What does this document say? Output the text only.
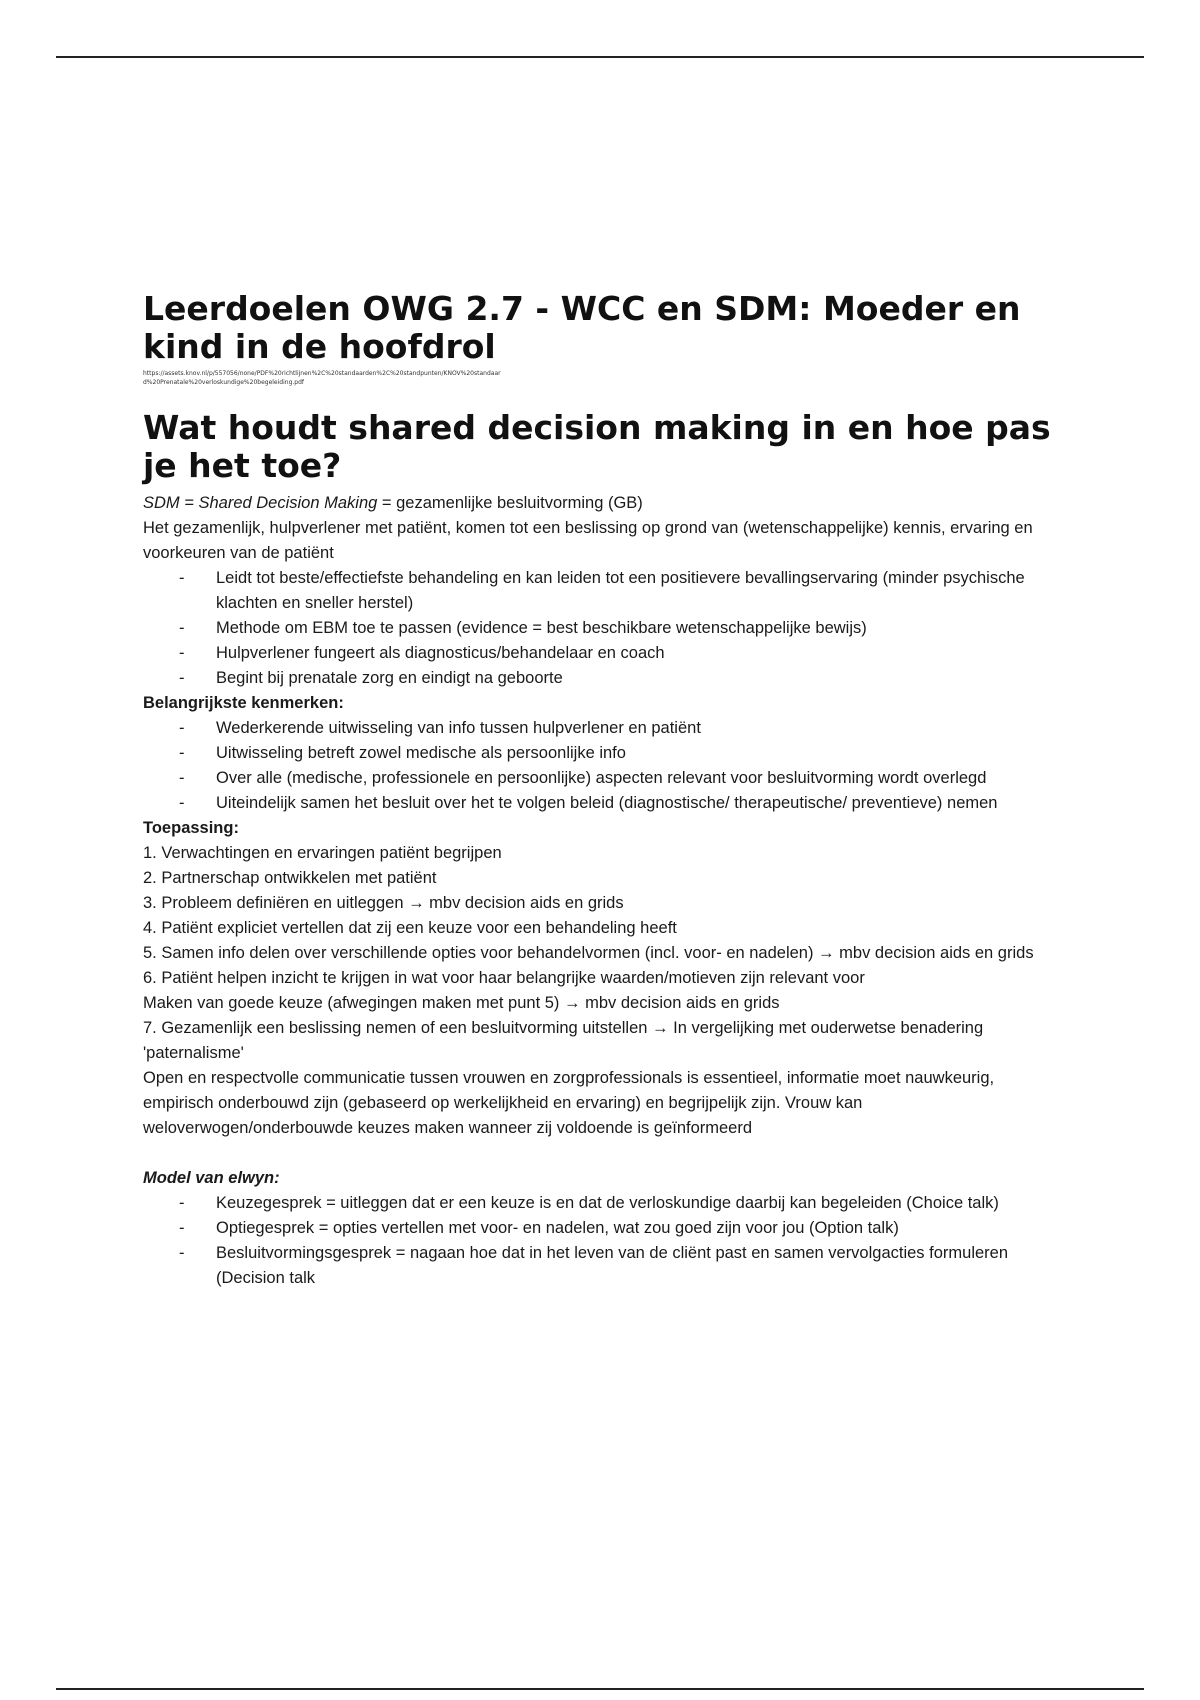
Leerdoelen OWG 2.7 - WCC en SDM: Moeder en kind in de hoofdrol
https://assets.knov.nl/p/557056/none/PDF%20richtlijnen%2C%20standaarden%2C%20standpunten/KNOV%20standaard%20Prenatale%20verloskundige%20begeleiding.pdf
Wat houdt shared decision making in en hoe pas je het toe?

SDM = Shared Decision Making = gezamenlijke besluitvorming (GB)

Het gezamenlijk, hulpverlener met patiënt, komen tot een beslissing op grond van (wetenschappelijke) kennis, ervaring en voorkeuren van de patiënt

- Leidt tot beste/effectiefste behandeling en kan leiden tot een positievere bevallingservaring (minder psychische klachten en sneller herstel)
- Methode om EBM toe te passen (evidence = best beschikbare wetenschappelijke bewijs)
- Hulpverlener fungeert als diagnosticus/behandelaar en coach
- Begint bij prenatale zorg en eindigt na geboorte

Belangrijkste kenmerken:

- Wederkerende uitwisseling van info tussen hulpverlener en patiënt
- Uitwisseling betreft zowel medische als persoonlijke info
- Over alle (medische, professionele en persoonlijke) aspecten relevant voor besluitvorming wordt overlegd
- Uiteindelijk samen het besluit over het te volgen beleid (diagnostische/ therapeutische/ preventieve) nemen

Toepassing:

1. Verwachtingen en ervaringen patiënt begrijpen

2. Partnerschap ontwikkelen met patiënt

3. Probleem definiëren en uitleggen → mbv decision aids en grids

4. Patiënt expliciet vertellen dat zij een keuze voor een behandeling heeft

5. Samen info delen over verschillende opties voor behandelvormen (incl. voor- en nadelen) → mbv decision aids en grids

6. Patiënt helpen inzicht te krijgen in wat voor haar belangrijke waarden/motieven zijn relevant voor

Maken van goede keuze (afwegingen maken met punt 5) → mbv decision aids en grids

7. Gezamenlijk een beslissing nemen of een besluitvorming uitstellen → In vergelijking met ouderwetse benadering 'paternalisme'

Open en respectvolle communicatie tussen vrouwen en zorgprofessionals is essentieel, informatie moet nauwkeurig, empirisch onderbouwd zijn (gebaseerd op werkelijkheid en ervaring) en begrijpelijk zijn. Vrouw kan weloverwogen/onderbouwde keuzes maken wanneer zij voldoende is geïnformeerd

Model van elwyn:

- Keuzegesprek = uitleggen dat er een keuze is en dat de verloskundige daarbij kan begeleiden (Choice talk)
- Optiegesprek = opties vertellen met voor- en nadelen, wat zou goed zijn voor jou (Option talk)
- Besluitvormingsgesprek = nagaan hoe dat in het leven van de cliënt past en samen vervolgacties formuleren (Decision talk
